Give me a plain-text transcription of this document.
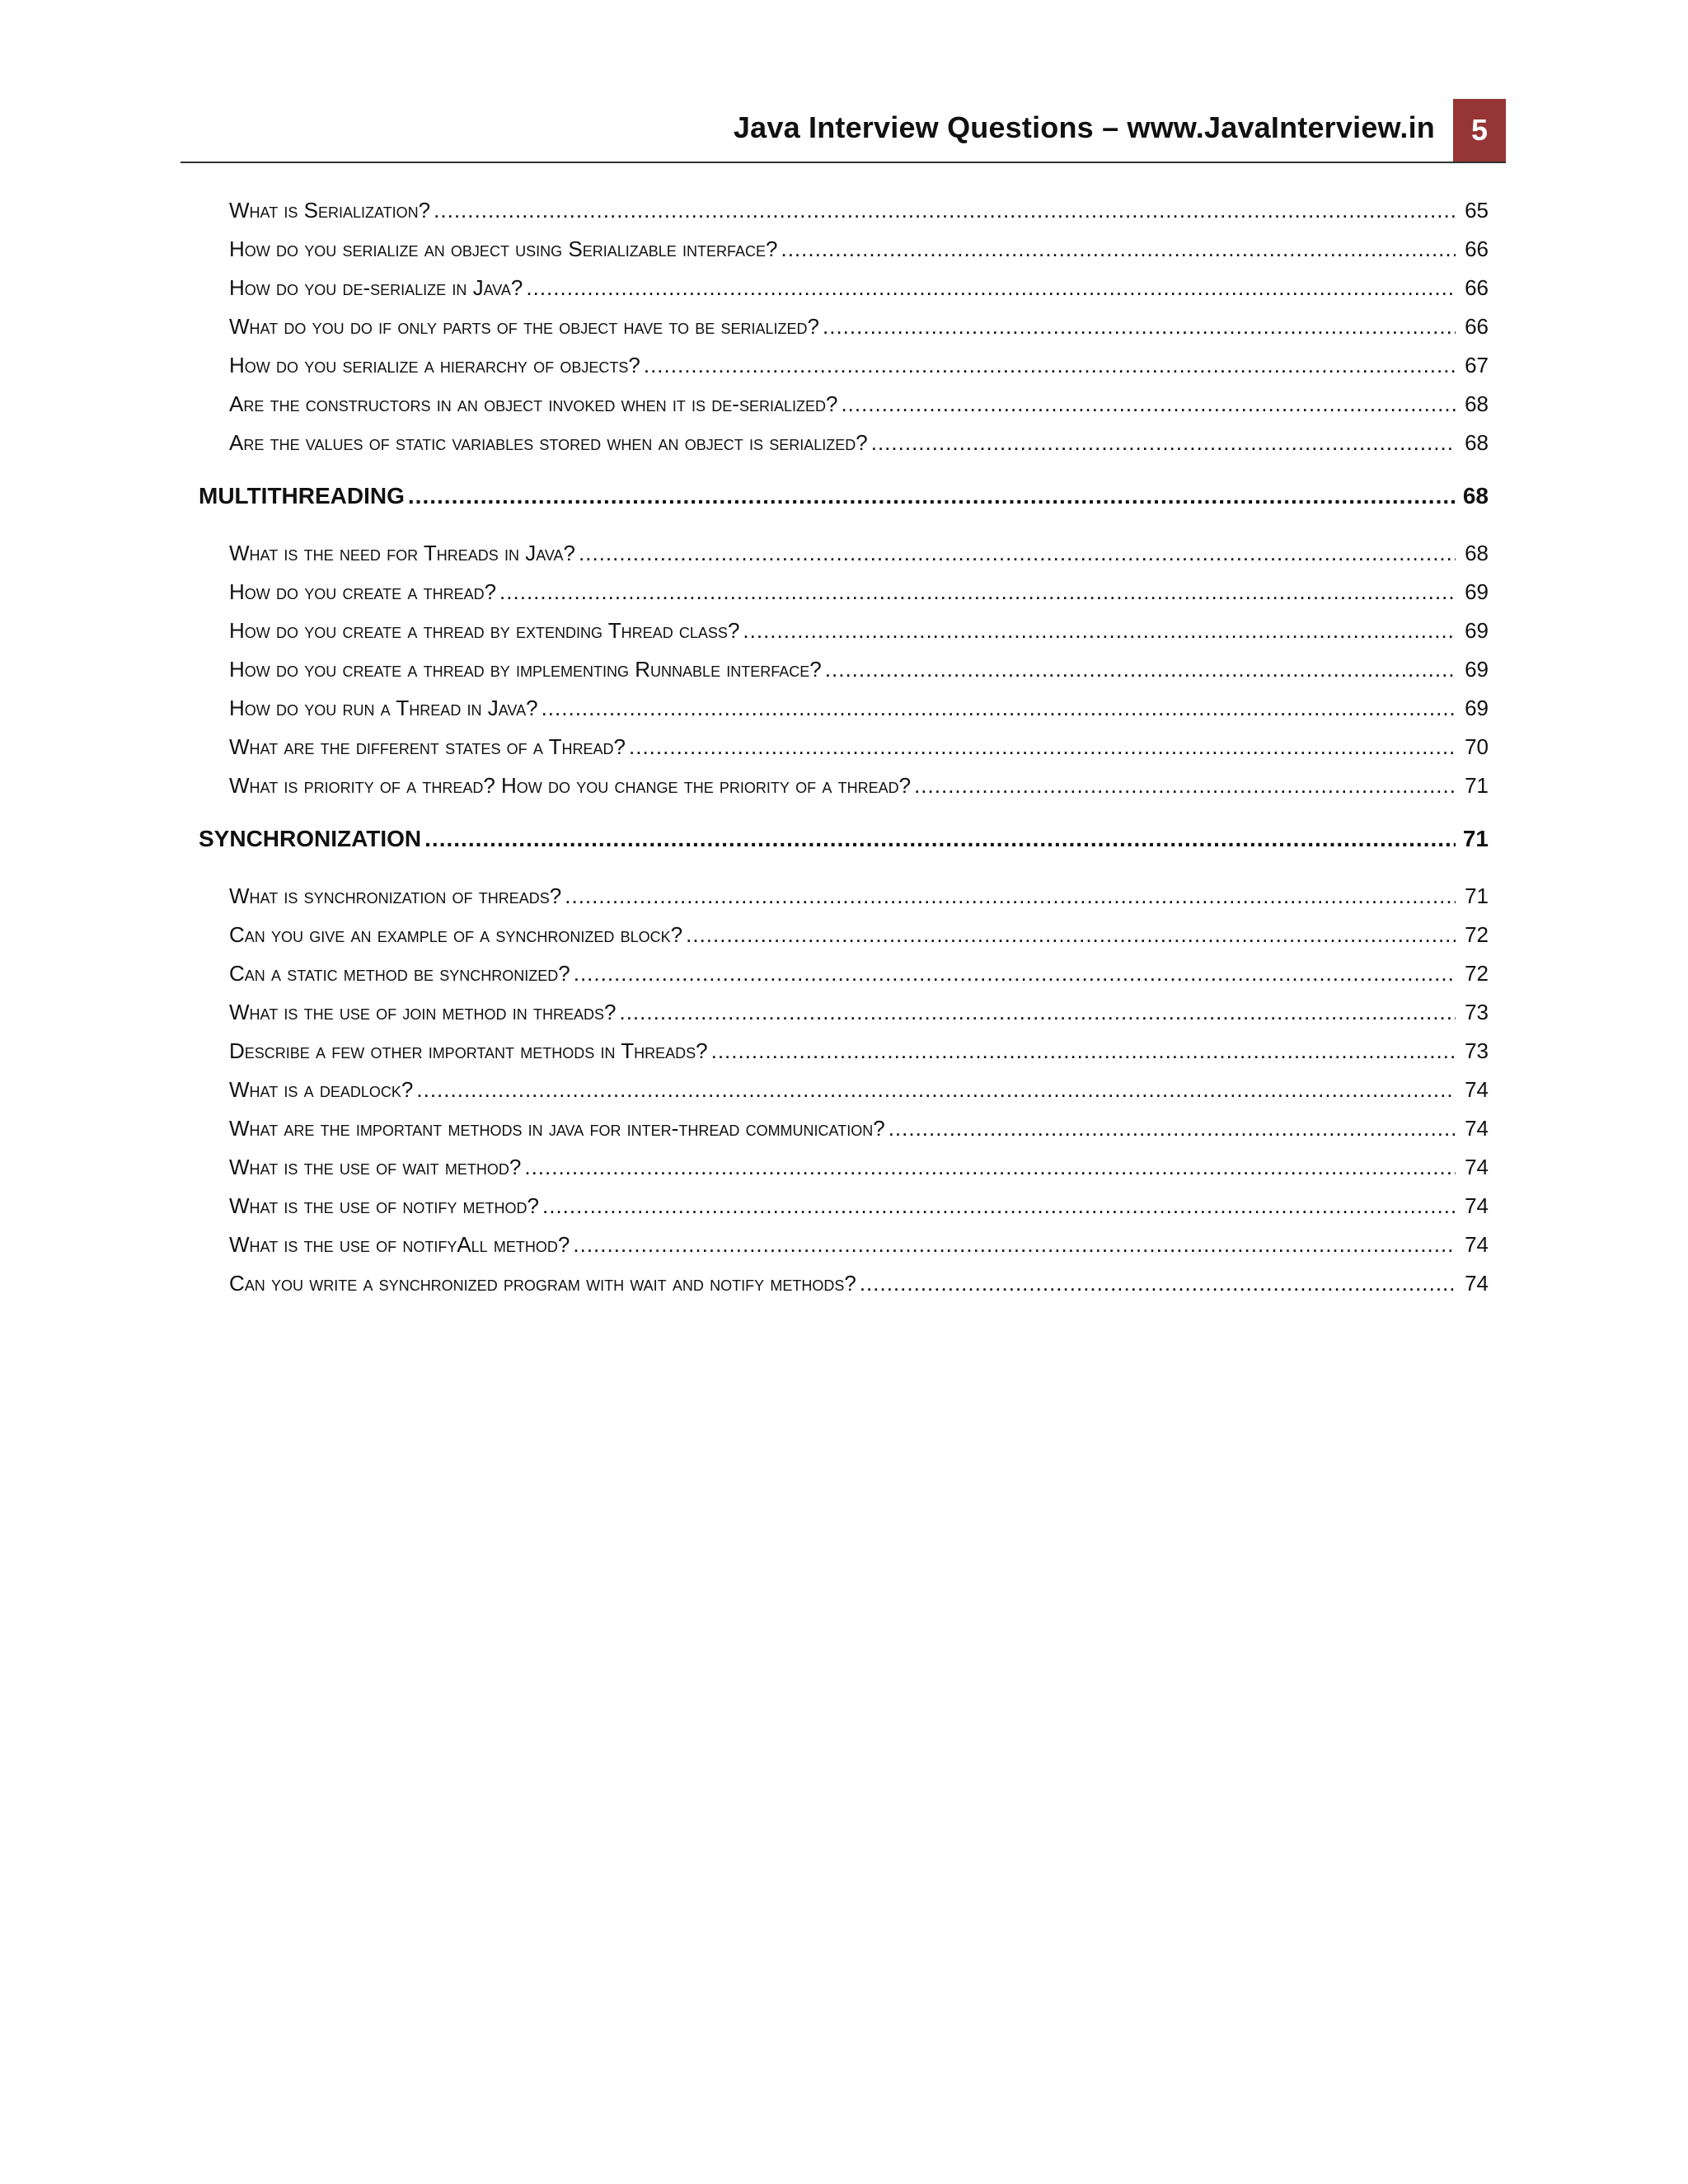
Java Interview Questions – www.JavaInterview.in	5
What is Serialization? .....	65
How do you serialize an object using Serializable interface? .....	66
How do you de-serialize in Java? .....	66
What do you do if only parts of the object have to be serialized? .....	66
How do you serialize a hierarchy of objects? .....	67
Are the constructors in an object invoked when it is de-serialized? .....	68
Are the values of static variables stored when an object is serialized? .....	68
MULTITHREADING .....	68
What is the need for Threads in Java? .....	68
How do you create a thread? .....	69
How do you create a thread by extending Thread class? .....	69
How do you create a thread by implementing Runnable interface? .....	69
How do you run a Thread in Java? .....	69
What are the different states of a Thread? .....	70
What is priority of a thread? How do you change the priority of a thread? .....	71
SYNCHRONIZATION .....	71
What is synchronization of threads? .....	71
Can you give an example of a synchronized block? .....	72
Can a static method be synchronized? .....	72
What is the use of join method in threads? .....	73
Describe a few other important methods in Threads? .....	73
What is a deadlock? .....	74
What are the important methods in java for inter-thread communication? .....	74
What is the use of wait method? .....	74
What is the use of notify method? .....	74
What is the use of notifyAll method? .....	74
Can you write a synchronized program with wait and notify methods? .....	74
